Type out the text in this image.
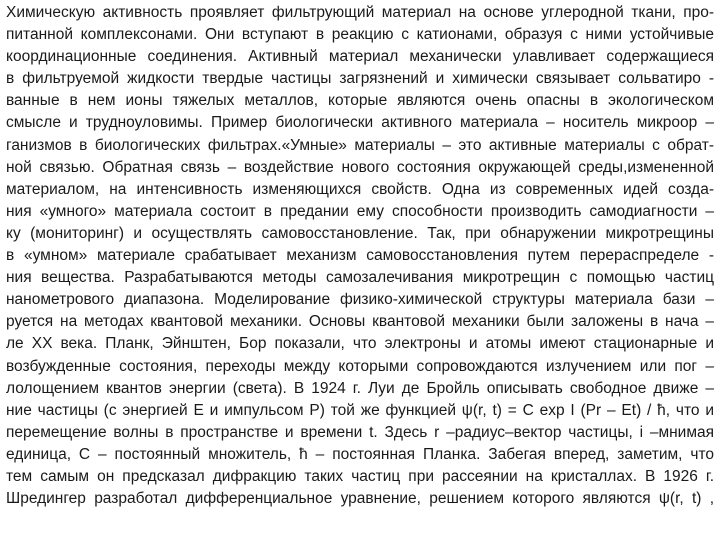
Химическую активность проявляет фильтрующий материал на основе углеродной ткани, про-
питанной комплексонами. Они вступают в реакцию с катионами, образуя с ними устойчивые
координационные соединения. Активный материал механически улавливает содержащиеся
в фильтруемой жидкости твердые частицы загрязнений и химически связывает сольватиро -
ванные в нем ионы тяжелых металлов, которые являются очень опасны в экологическом
смысле и трудноуловимы. Пример биологически активного материала – носитель микроор –
ганизмов в биологических фильтрах.«Умные» материалы – это активные материалы с обрат-
ной связью. Обратная связь – воздействие нового состояния окружающей среды,измененной
материалом, на интенсивность изменяющихся свойств. Одна из современных идей созда-
ния «умного» материала состоит в предании ему способности производить самодиагности –
ку (мониторинг) и осуществлять самовосстановление. Так, при обнаружении микротрещины
в «умном» материале срабатывает механизм самовосстановления путем перераспределе -
ния вещества. Разрабатываются методы самозалечивания микротрещин с помощью частиц
нанометрового диапазона. Моделирование физико-химической структуры материала бази –
руется на методах квантовой механики. Основы квантовой механики были заложены в нача –
ле XX века. Планк, Эйнштен, Бор показали, что электроны и атомы имеют стационарные и
возбужденные состояния, переходы между которыми сопровождаются излучением или пог –
лолощением квантов энергии (света). В 1924 г. Луи де Бройль описывать свободное движе –
ние частицы (с энергией E и импульсом P) той же функцией ψ(r, t) = C exp I (Pr – Et) / ħ, что и
перемещение волны в пространстве и времени t. Здесь r –радиус–вектор частицы, i –мнимая
единица, С – постоянный множитель, ħ – постоянная Планка. Забегая вперед, заметим, что
тем самым он предсказал дифракцию таких частиц при рассеянии на кристаллах. В 1926 г.
Шредингер разработал дифференциальное уравнение, решением которого являются ψ(r, t) ,
